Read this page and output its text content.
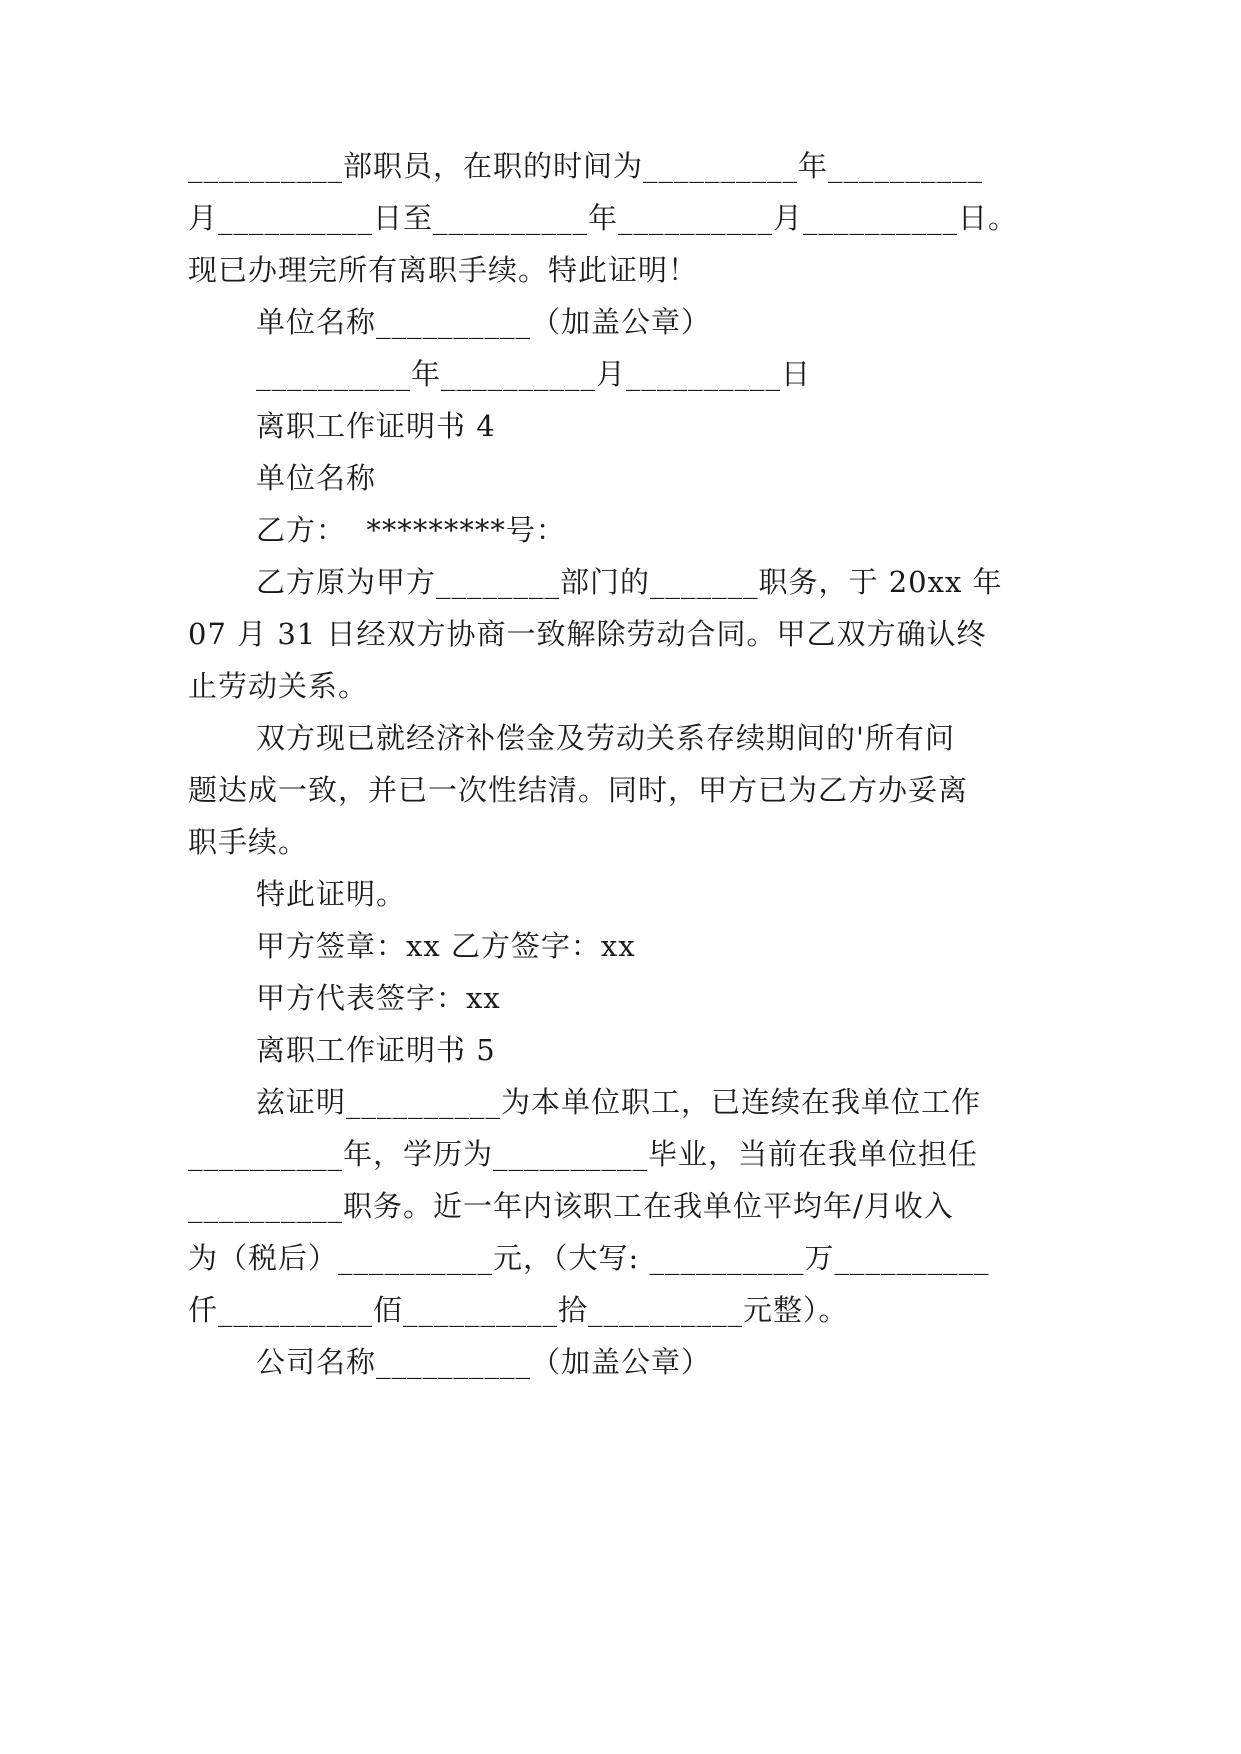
__________部职员，在职的时间为__________年__________
月__________日至__________年__________月__________日。
现已办理完所有离职手续。特此证明！
单位名称__________（加盖公章）
__________年__________月__________日
离职工作证明书 4
单位名称
乙方：  *********号：
乙方原为甲方________部门的_______职务，于 20xx 年
07 月 31 日经双方协商一致解除劳动合同。甲乙双方确认终
止劳动关系。
双方现已就经济补偿金及劳动关系存续期间的'所有问
题达成一致，并已一次性结清。同时，甲方已为乙方办妥离
职手续。
特此证明。
甲方签章：xx 乙方签字：xx
甲方代表签字：xx
离职工作证明书 5
兹证明__________为本单位职工，已连续在我单位工作
__________年，学历为__________毕业，当前在我单位担任
__________职务。近一年内该职工在我单位平均年/月收入
为（税后）__________元，（大写: __________万__________
仟__________佰__________拾__________元整）。
公司名称__________（加盖公章）
